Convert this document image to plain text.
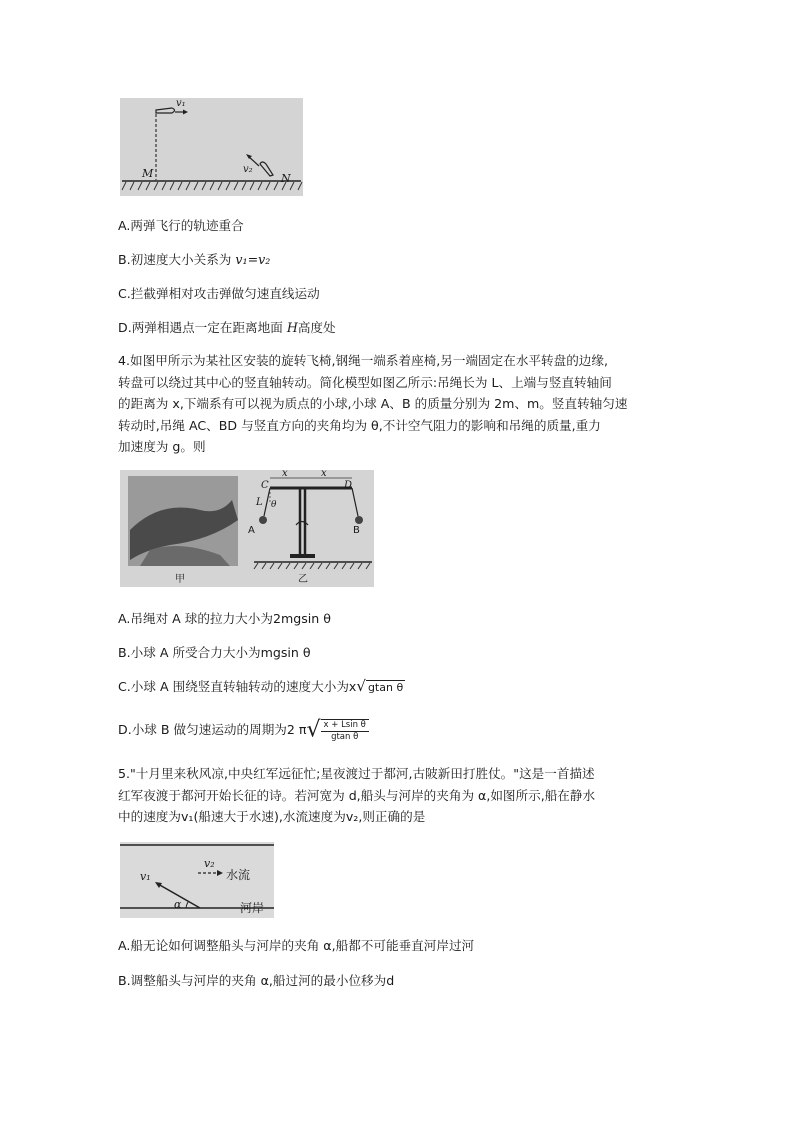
v₁
v₂
M	N
A.两弹飞行的轨迹重合
B.初速度大小关系为 v₁=v₂
C.拦截弹相对攻击弹做匀速直线运动
D.两弹相遇点一定在距离地面 H高度处
4.如图甲所示为某社区安装的旋转飞椅,钢绳一端系着座椅,另一端固定在水平转盘的边缘,
转盘可以绕过其中心的竖直轴转动。简化模型如图乙所示:吊绳长为 L、上端与竖直转轴间
的距离为 x,下端系有可以视为质点的小球,小球 A、B 的质量分别为 2m、m。竖直转轴匀速
转动时,吊绳 AC、BD 与竖直方向的夹角均为 θ,不计空气阻力的影响和吊绳的质量,重力
加速度为 g。则
x	x
C	D
L θ
A	B
甲	乙
A.吊绳对 A 球的拉力大小为2mgsin θ
B.小球 A 所受合力大小为mgsin θ
C.小球 A 围绕竖直转轴转动的速度大小为x√ gtan θ
D.小球 B 做匀速运动的周期为2 $\pi√ \frac{\text{x + Lsin θ}}{\text{gtan θ}}$
5."十月里来秋风凉,中央红军远征忙;星夜渡过于都河,古陂新田打胜仗。"这是一首描述
红军夜渡于都河开始长征的诗。若河宽为 d,船头与河岸的夹角为 α,如图所示,船在静水
中的速度为v₁(船速大于水速),水流速度为v₂,则正确的是
v₁
v₂
水流
α	河岸
A.船无论如何调整船头与河岸的夹角 α,船都不可能垂直河岸过河
B.调整船头与河岸的夹角 α,船过河的最小位移为d
